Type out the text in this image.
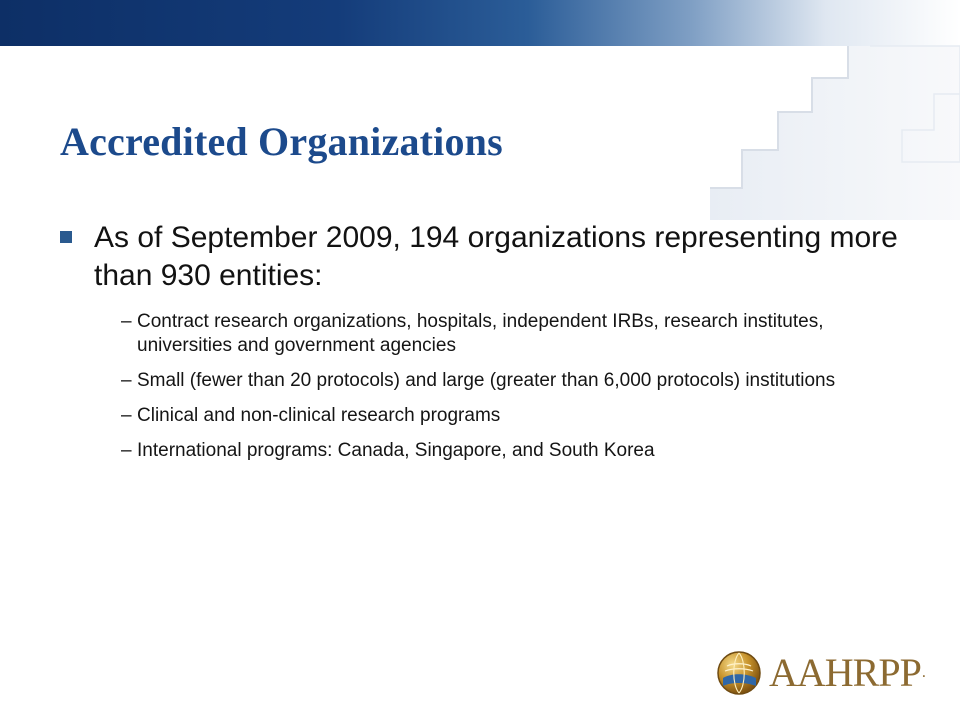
Accredited Organizations
As of September 2009, 194 organizations representing more than 930 entities:
– Contract research organizations, hospitals, independent IRBs, research institutes, universities and government agencies
– Small (fewer than 20 protocols) and large (greater than 6,000 protocols) institutions
– Clinical and non-clinical research programs
– International programs: Canada, Singapore, and South Korea
AAHRPP.
